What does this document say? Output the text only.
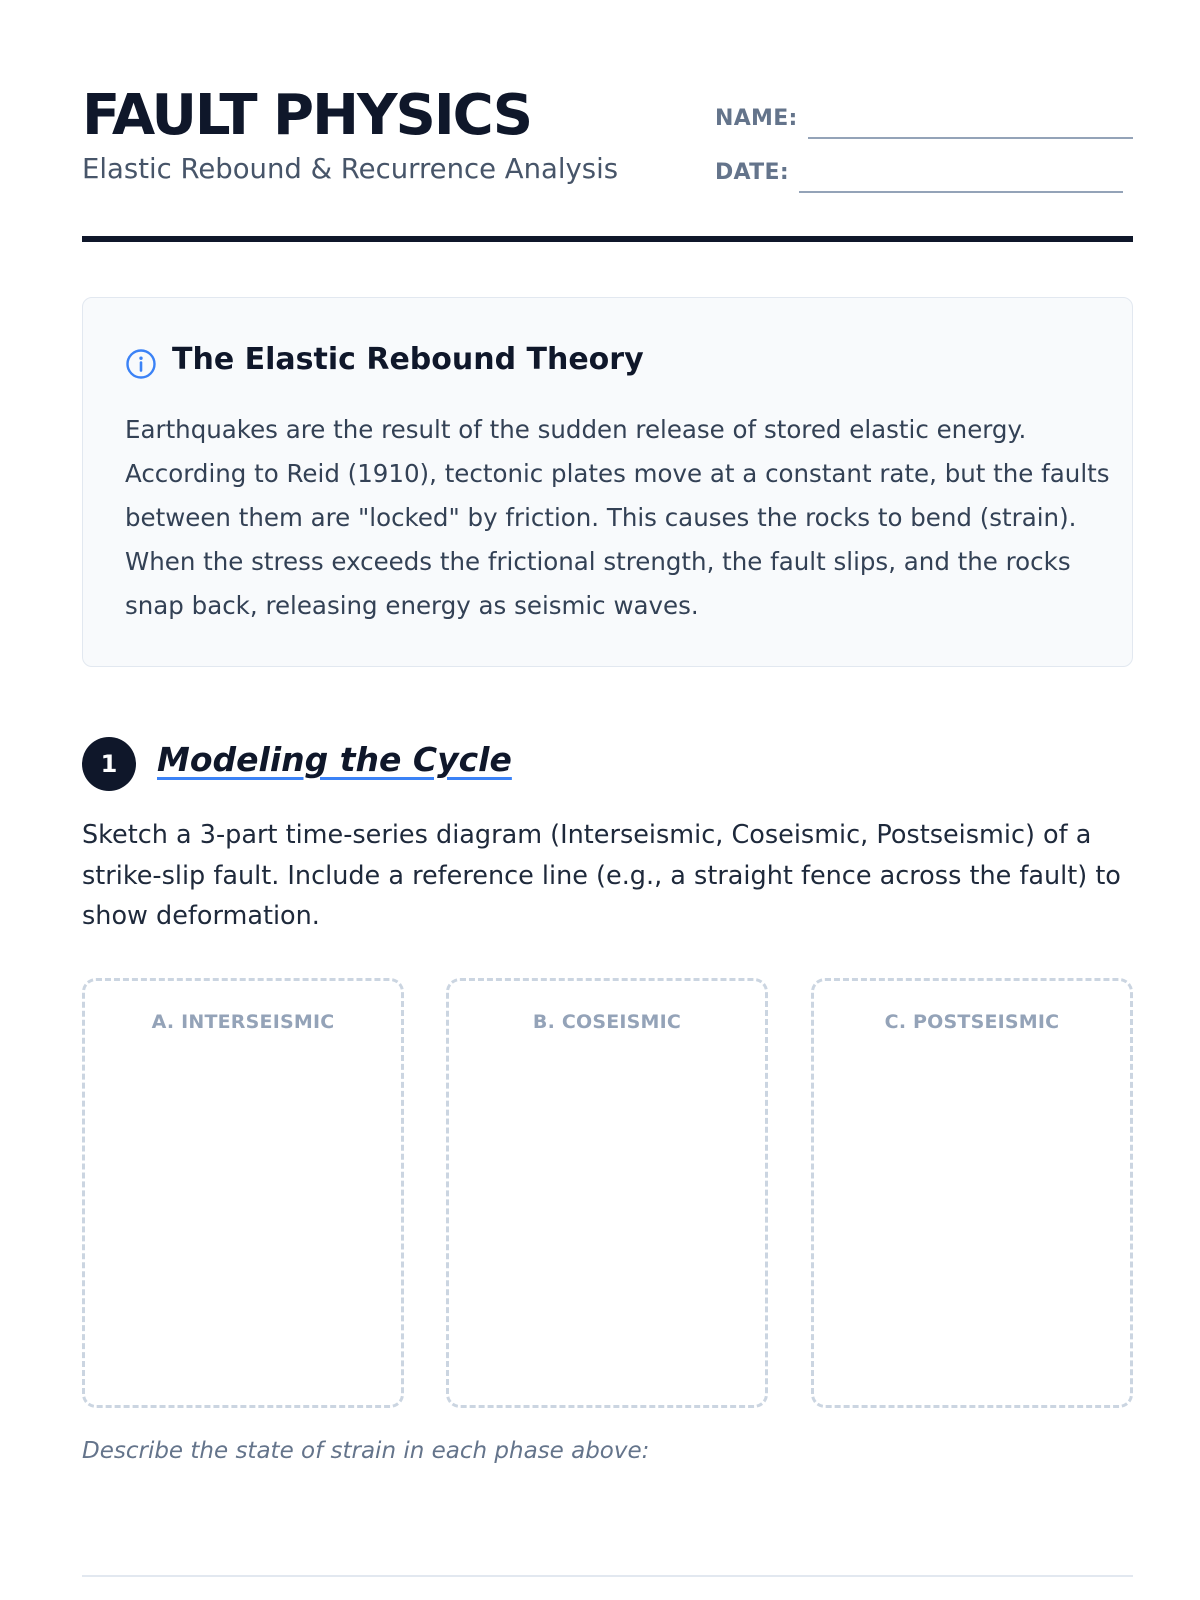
FAULT PHYSICS
Elastic Rebound & Recurrence Analysis
NAME:
DATE:
The Elastic Rebound Theory
Earthquakes are the result of the sudden release of stored elastic energy. According to Reid (1910), tectonic plates move at a constant rate, but the faults between them are "locked" by friction. This causes the rocks to bend (strain). When the stress exceeds the frictional strength, the fault slips, and the rocks snap back, releasing energy as seismic waves.
1	Modeling the Cycle
Sketch a 3-part time-series diagram (Interseismic, Coseismic, Postseismic) of a strike-slip fault. Include a reference line (e.g., a straight fence across the fault) to show deformation.
A. INTERSEISMIC	B. COSEISMIC	C. POSTSEISMIC
Describe the state of strain in each phase above:
